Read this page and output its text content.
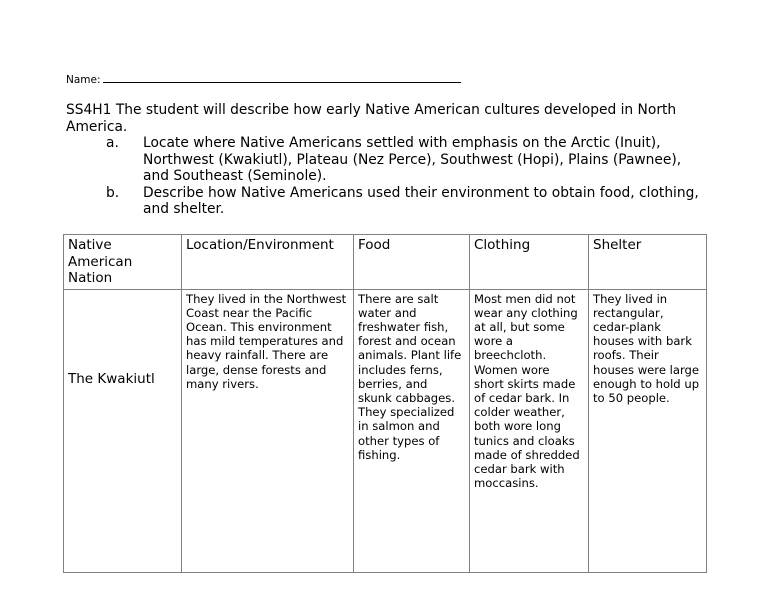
Name:

SS4H1 The student will describe how early Native American cultures developed in North America.

a. Locate where Native Americans settled with emphasis on the Arctic (Inuit), Northwest (Kwakiutl), Plateau (Nez Perce), Southwest (Hopi), Plains (Pawnee), and Southeast (Seminole).
b. Describe how Native Americans used their environment to obtain food, clothing, and shelter.
Native American Nation	Location/Environment	Food	Clothing	Shelter

The Kwakiutl	They lived in the Northwest Coast near the Pacific Ocean. This environment has mild temperatures and heavy rainfall. There are large, dense forests and many rivers.	There are salt water and freshwater fish, forest and ocean animals. Plant life includes ferns, berries, and skunk cabbages. They specialized in salmon and other types of fishing.	Most men did not wear any clothing at all, but some wore a breechcloth. Women wore short skirts made of cedar bark. In colder weather, both wore long tunics and cloaks made of shredded cedar bark with moccasins.	They lived in rectangular, cedar-plank houses with bark roofs. Their houses were large enough to hold up to 50 people.
